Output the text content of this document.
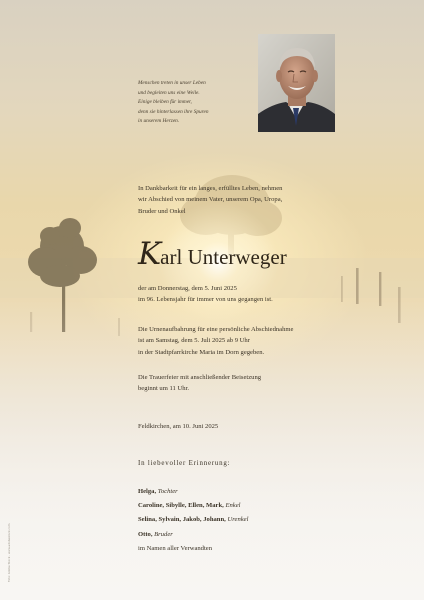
Menschen treten in unser Leben
und begleiten uns eine Weile.
Einige bleiben für immer,
denn sie hinterlassen ihre Spuren
in unserem Herzen.
In Dankbarkeit für ein langes, erfülltes Leben, nehmen
wir Abschied von meinem Vater, unserem Opa, Uropa,
Bruder und Onkel
Karl Unterweger
der am Donnerstag, dem 5. Juni 2025
im 96. Lebensjahr für immer von uns gegangen ist.
Die Urnenaufbahrung für eine persönliche Abschiednahme
ist am Samstag, dem 5. Juli 2025 ab 9 Uhr
in der Stadtpfarrkirche Maria im Dorn gegeben.
Die Trauerfeier mit anschließender Beisetzung
beginnt um 11 Uhr.
Feldkirchen, am 10. Juni 2025
In liebevoller Erinnerung:
Helga, Tochter
Caroline, Sibylle, Ellen, Mark, Enkel
Selina, Sylvain, Jakob, Johann, Urenkel
Otto, Bruder
im Namen aller Verwandten
Foto: Adobe Stock · www.adobestock.com
